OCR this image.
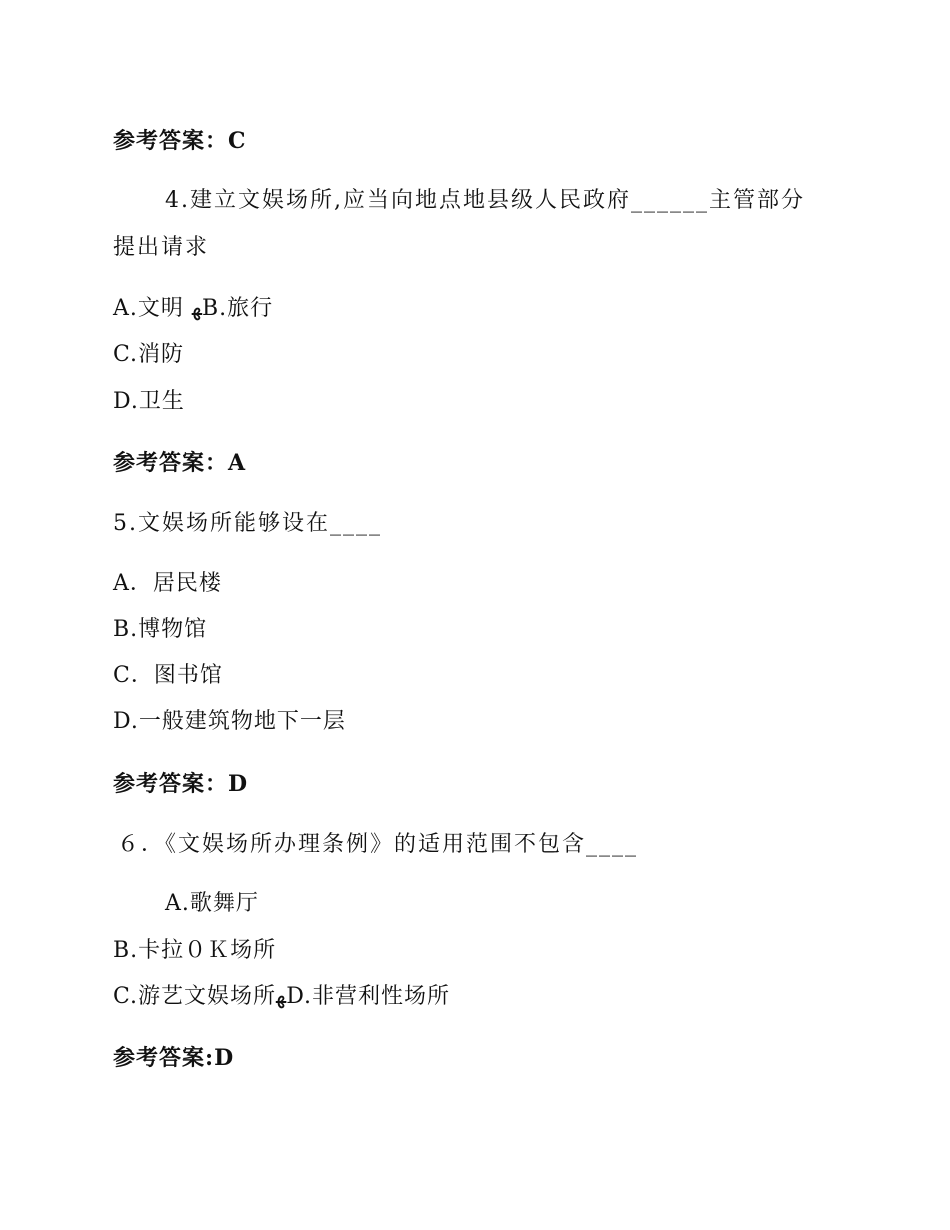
参考答案：C
4.建立文娱场所,应当向地点地县级人民政府______主管部分
提出请求
A.文明 ﻬB.旅行
C.消防
D.卫生
参考答案：A
5.文娱场所能够设在____
A．居民楼
B.博物馆
C．图书馆
D.一般建筑物地下一层
参考答案：D
６．《文娱场所办理条例》的适用范围不包含____
A.歌舞厅
B.卡拉０Ｋ场所
C.游艺文娱场所ﻬD.非营利性场所
参考答案:D
